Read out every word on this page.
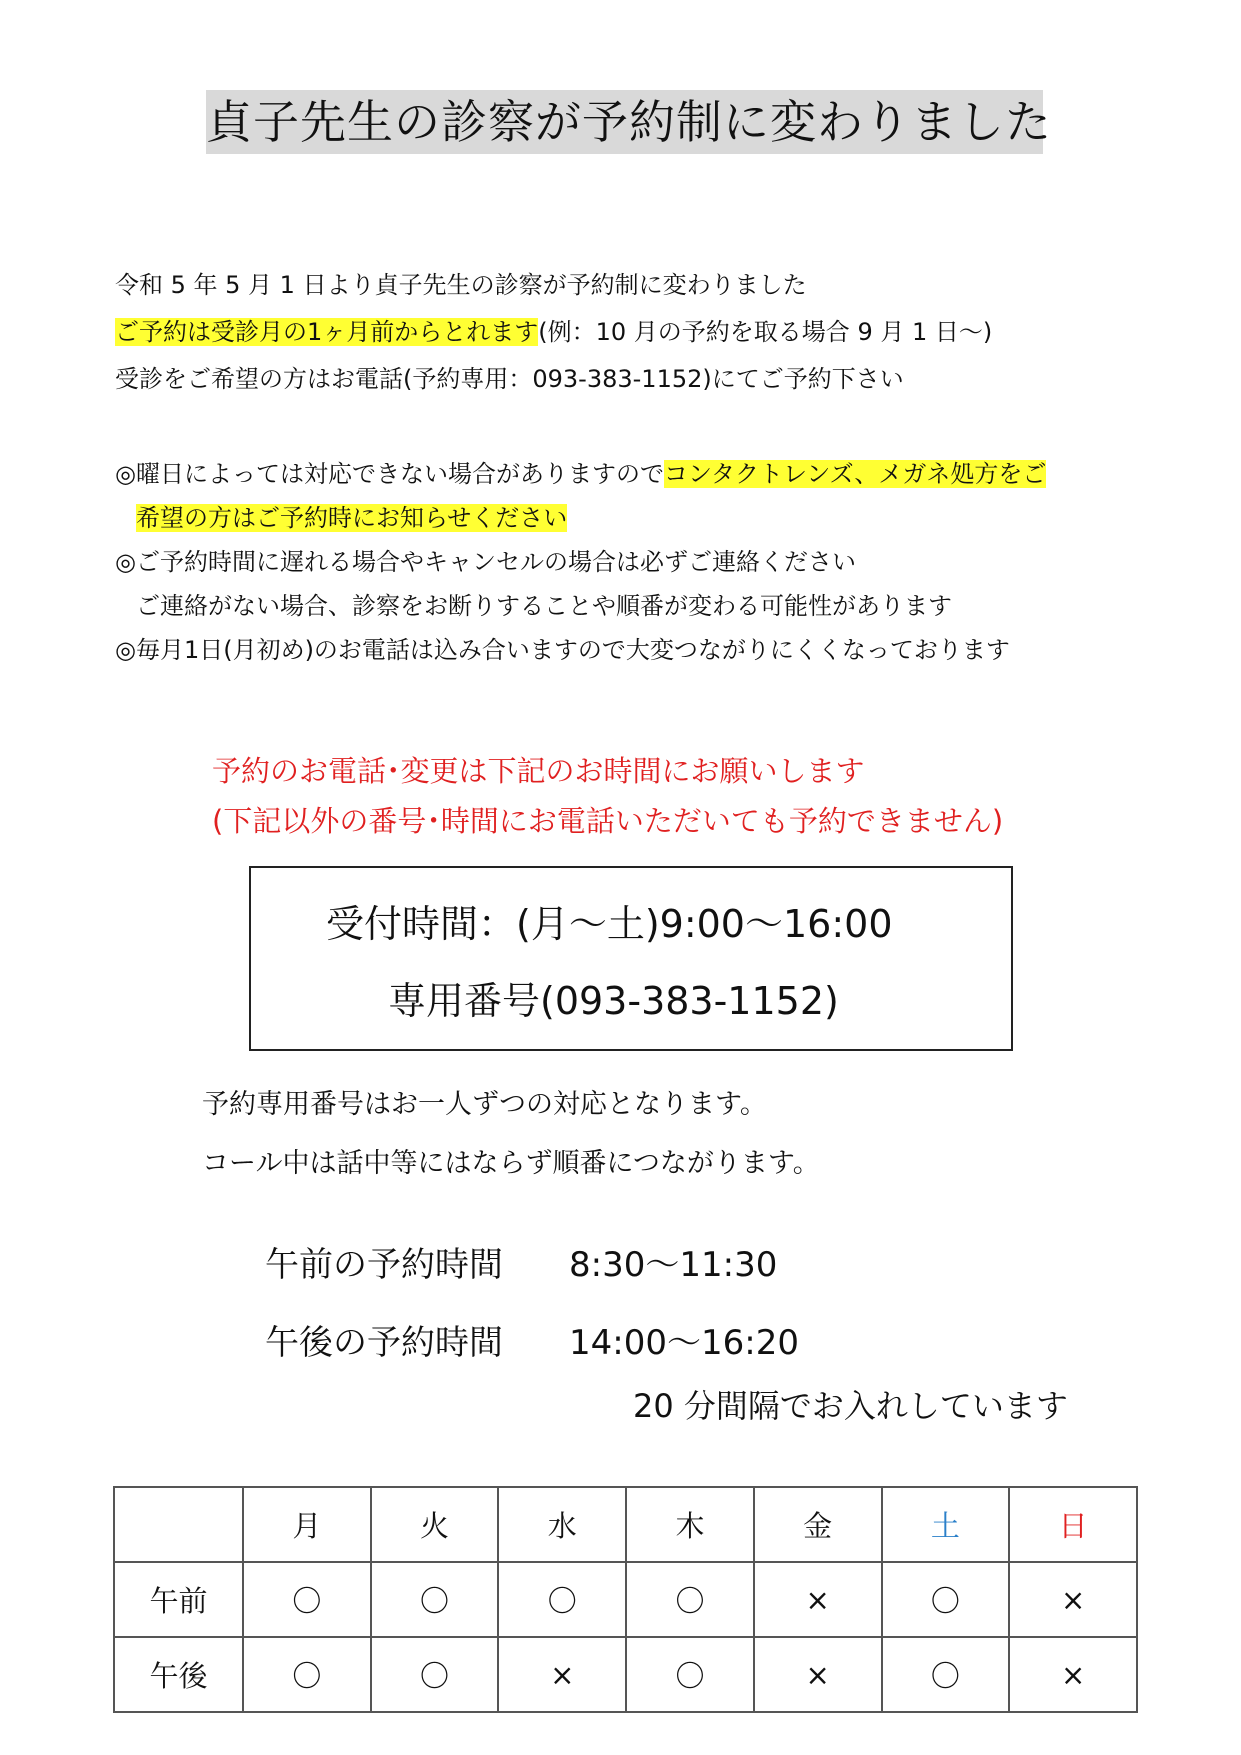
貞子先生の診察が予約制に変わりました
令和 5 年 5 月 1 日より貞子先生の診察が予約制に変わりました
ご予約は受診月の1ヶ月前からとれます(例：10 月の予約を取る場合 9 月 1 日～)
受診をご希望の方はお電話(予約専用：093-383-1152)にてご予約下さい
◎曜日によっては対応できない場合がありますのでコンタクトレンズ、メガネ処方をご
希望の方はご予約時にお知らせください
◎ご予約時間に遅れる場合やキャンセルの場合は必ずご連絡ください
ご連絡がない場合、診察をお断りすることや順番が変わる可能性があります
◎毎月1日(月初め)のお電話は込み合いますので大変つながりにくくなっております
予約のお電話･変更は下記のお時間にお願いします
(下記以外の番号･時間にお電話いただいても予約できません)
受付時間：(月～土)9:00～16:00
専用番号(093-383-1152)
予約専用番号はお一人ずつの対応となります。
コール中は話中等にはならず順番につながります。
午前の予約時間 8:30～11:30
午後の予約時間 14:00～16:20
20 分間隔でお入れしています
	月	火	水	木	金	土	日
午前	〇	〇	〇	〇	×	〇	×
午後	〇	〇	×	〇	×	〇	×
